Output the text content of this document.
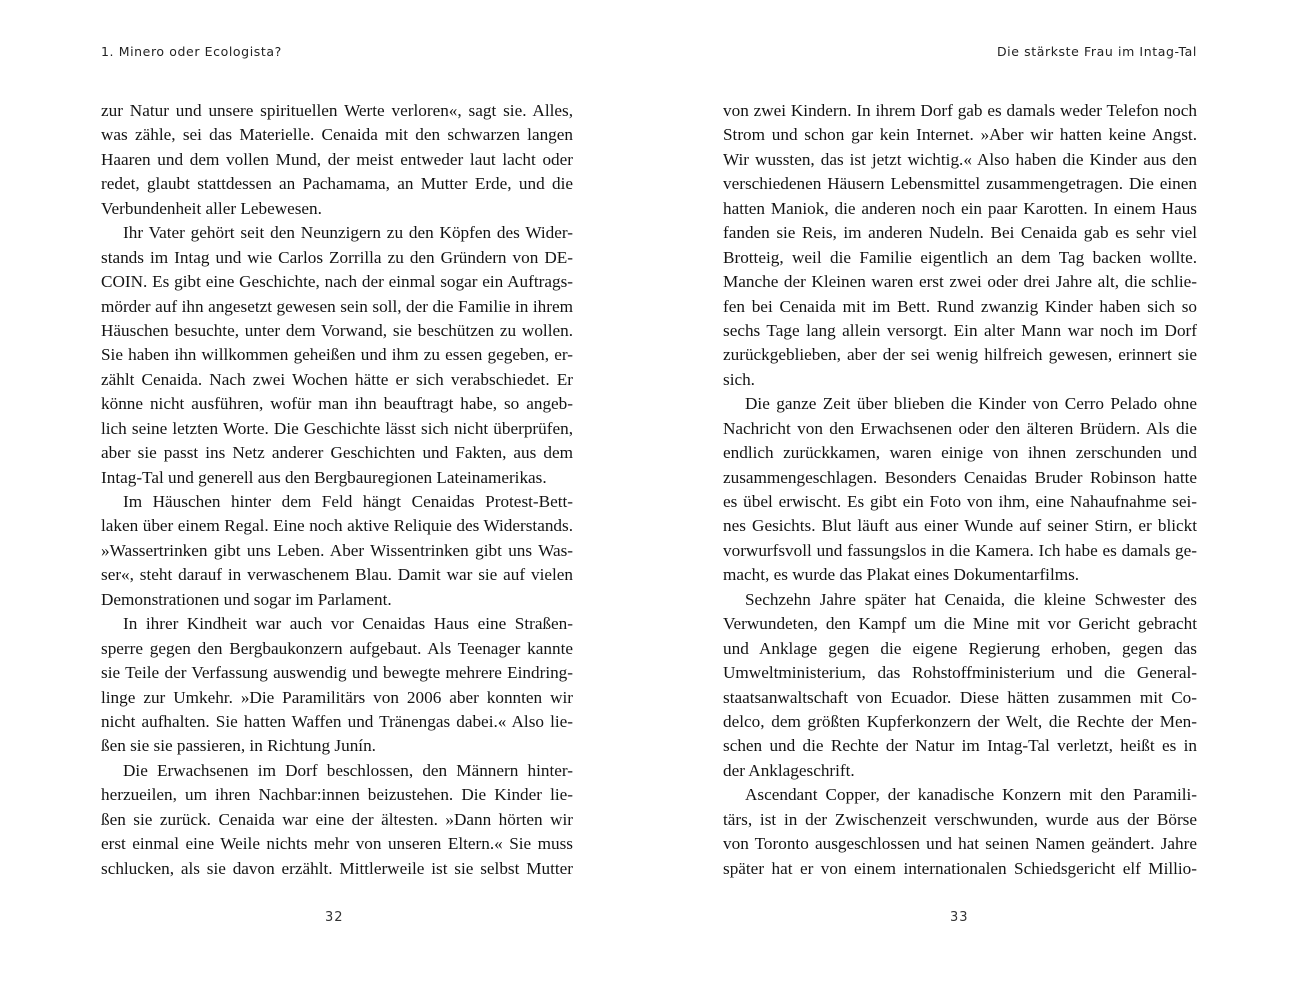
1. Minero oder Ecologista?
zur Natur und unsere spirituellen Werte verloren«, sagt sie. Alles,
was zähle, sei das Materielle. Cenaida mit den schwarzen langen
Haaren und dem vollen Mund, der meist entweder laut lacht oder
redet, glaubt stattdessen an Pachamama, an Mutter Erde, und die
Verbundenheit aller Lebewesen.
Ihr Vater gehört seit den Neunzigern zu den Köpfen des Wider-
stands im Intag und wie Carlos Zorrilla zu den Gründern von DE-
COIN. Es gibt eine Geschichte, nach der einmal sogar ein Auftrags-
mörder auf ihn angesetzt gewesen sein soll, der die Familie in ihrem
Häuschen besuchte, unter dem Vorwand, sie beschützen zu wollen.
Sie haben ihn willkommen geheißen und ihm zu essen gegeben, er-
zählt Cenaida. Nach zwei Wochen hätte er sich verabschiedet. Er
könne nicht ausführen, wofür man ihn beauftragt habe, so angeb-
lich seine letzten Worte. Die Geschichte lässt sich nicht überprüfen,
aber sie passt ins Netz anderer Geschichten und Fakten, aus dem
Intag-Tal und generell aus den Bergbauregionen Lateinamerikas.
Im Häuschen hinter dem Feld hängt Cenaidas Protest-Bett-
laken über einem Regal. Eine noch aktive Reliquie des Widerstands.
»Wassertrinken gibt uns Leben. Aber Wissentrinken gibt uns Was-
ser«, steht darauf in verwaschenem Blau. Damit war sie auf vielen
Demonstrationen und sogar im Parlament.
In ihrer Kindheit war auch vor Cenaidas Haus eine Straßen-
sperre gegen den Bergbaukonzern aufgebaut. Als Teenager kannte
sie Teile der Verfassung auswendig und bewegte mehrere Eindring-
linge zur Umkehr. »Die Paramilitärs von 2006 aber konnten wir
nicht aufhalten. Sie hatten Waffen und Tränengas dabei.« Also lie-
ßen sie sie passieren, in Richtung Junín.
Die Erwachsenen im Dorf beschlossen, den Männern hinter-
herzueilen, um ihren Nachbar:innen beizustehen. Die Kinder lie-
ßen sie zurück. Cenaida war eine der ältesten. »Dann hörten wir
erst einmal eine Weile nichts mehr von unseren Eltern.« Sie muss
schlucken, als sie davon erzählt. Mittlerweile ist sie selbst Mutter
32
Die stärkste Frau im Intag-Tal
von zwei Kindern. In ihrem Dorf gab es damals weder Telefon noch
Strom und schon gar kein Internet. »Aber wir hatten keine Angst.
Wir wussten, das ist jetzt wichtig.« Also haben die Kinder aus den
verschiedenen Häusern Lebensmittel zusammengetragen. Die einen
hatten Maniok, die anderen noch ein paar Karotten. In einem Haus
fanden sie Reis, im anderen Nudeln. Bei Cenaida gab es sehr viel
Brotteig, weil die Familie eigentlich an dem Tag backen wollte.
Manche der Kleinen waren erst zwei oder drei Jahre alt, die schlie-
fen bei Cenaida mit im Bett. Rund zwanzig Kinder haben sich so
sechs Tage lang allein versorgt. Ein alter Mann war noch im Dorf
zurückgeblieben, aber der sei wenig hilfreich gewesen, erinnert sie
sich.
Die ganze Zeit über blieben die Kinder von Cerro Pelado ohne
Nachricht von den Erwachsenen oder den älteren Brüdern. Als die
endlich zurückkamen, waren einige von ihnen zerschunden und
zusammengeschlagen. Besonders Cenaidas Bruder Robinson hatte
es übel erwischt. Es gibt ein Foto von ihm, eine Nahaufnahme sei-
nes Gesichts. Blut läuft aus einer Wunde auf seiner Stirn, er blickt
vorwurfsvoll und fassungslos in die Kamera. Ich habe es damals ge-
macht, es wurde das Plakat eines Dokumentarfilms.
Sechzehn Jahre später hat Cenaida, die kleine Schwester des
Verwundeten, den Kampf um die Mine mit vor Gericht gebracht
und Anklage gegen die eigene Regierung erhoben, gegen das
Umweltministerium, das Rohstoffministerium und die General-
staatsanwaltschaft von Ecuador. Diese hätten zusammen mit Co-
delco, dem größten Kupferkonzern der Welt, die Rechte der Men-
schen und die Rechte der Natur im Intag-Tal verletzt, heißt es in
der Anklageschrift.
Ascendant Copper, der kanadische Konzern mit den Paramili-
tärs, ist in der Zwischenzeit verschwunden, wurde aus der Börse
von Toronto ausgeschlossen und hat seinen Namen geändert. Jahre
später hat er von einem internationalen Schiedsgericht elf Millio-
33
